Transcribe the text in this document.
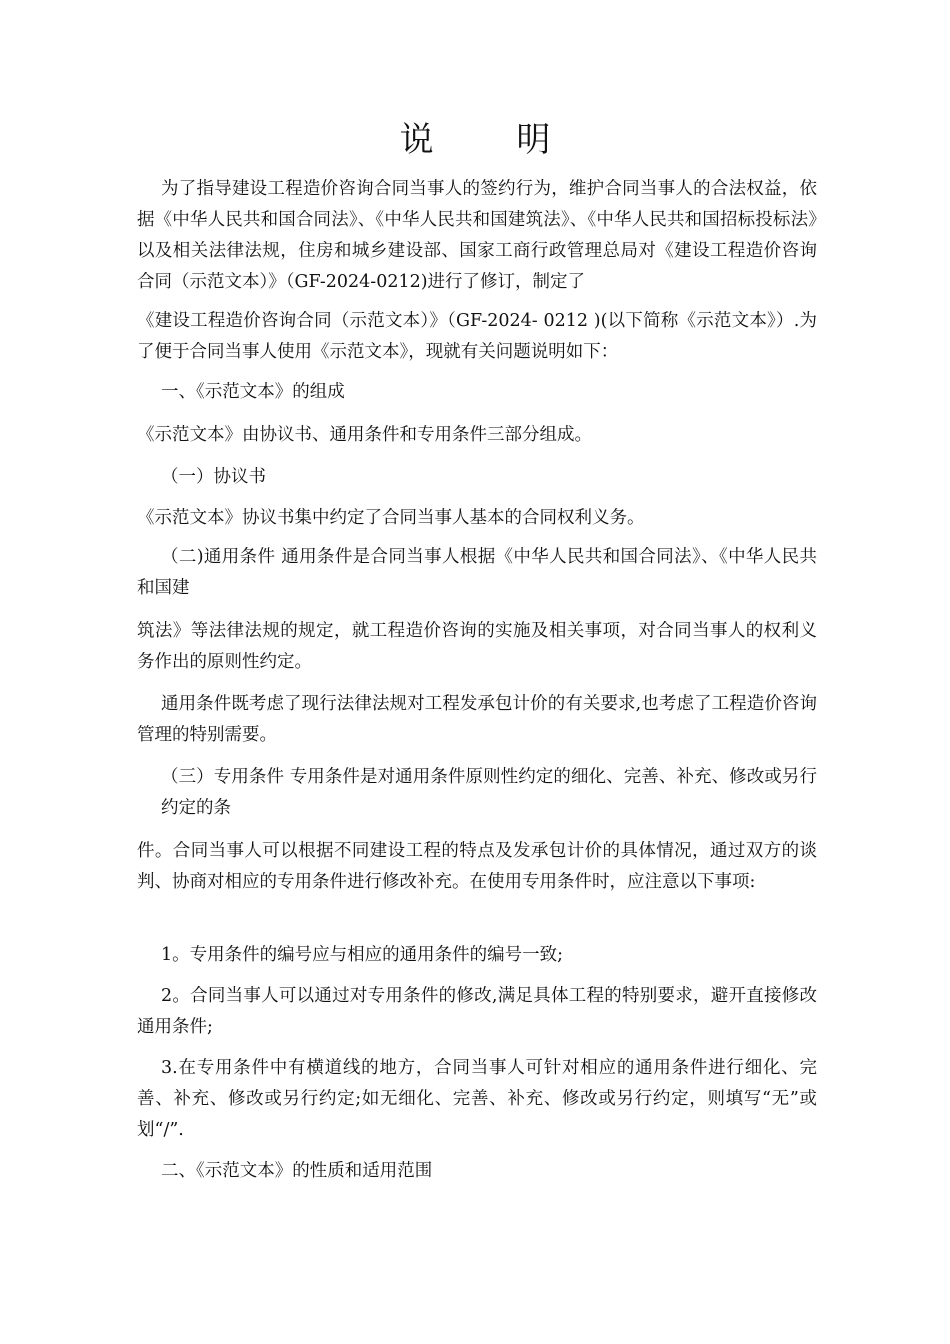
说 明

为了指导建设工程造价咨询合同当事人的签约行为，维护合同当事人的合法权益，依据《中华人民共和国合同法》、《中华人民共和国建筑法》、《中华人民共和国招标投标法》以及相关法律法规，住房和城乡建设部、国家工商行政管理总局对《建设工程造价咨询合同（示范文本）》（GF-2024-0212)进行了修订，制定了

《建设工程造价咨询合同（示范文本）》（GF-2024- 0212 )(以下简称《示范文本》）.为了便于合同当事人使用《示范文本》，现就有关问题说明如下：

一、《示范文本》的组成

《示范文本》由协议书、通用条件和专用条件三部分组成。

（一）协议书

《示范文本》协议书集中约定了合同当事人基本的合同权利义务。

（二)通用条件 通用条件是合同当事人根据《中华人民共和国合同法》、《中华人民共和国建

筑法》等法律法规的规定，就工程造价咨询的实施及相关事项，对合同当事人的权利义务作出的原则性约定。

通用条件既考虑了现行法律法规对工程发承包计价的有关要求,也考虑了工程造价咨询管理的特别需要。

（三）专用条件 专用条件是对通用条件原则性约定的细化、完善、补充、修改或另行约定的条

件。合同当事人可以根据不同建设工程的特点及发承包计价的具体情况，通过双方的谈判、协商对相应的专用条件进行修改补充。在使用专用条件时，应注意以下事项:

1。专用条件的编号应与相应的通用条件的编号一致;

2。合同当事人可以通过对专用条件的修改,满足具体工程的特别要求，避开直接修改通用条件;

3.在专用条件中有横道线的地方，合同当事人可针对相应的通用条件进行细化、完善、补充、修改或另行约定;如无细化、完善、补充、修改或另行约定，则填写“无”或划“/”.

二、《示范文本》的性质和适用范围
